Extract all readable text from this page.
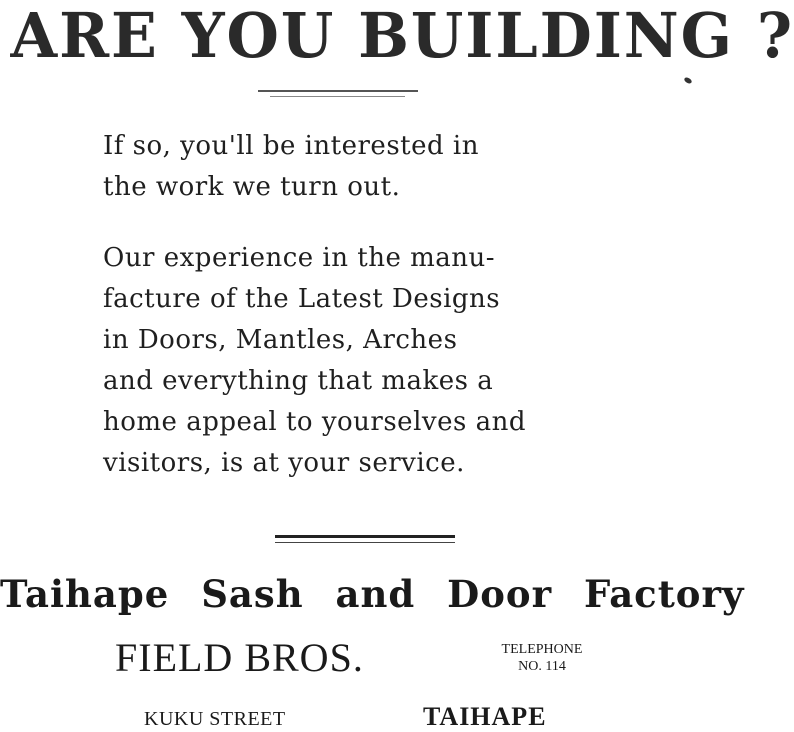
ARE YOU BUILDING ?
If so, you'll be interested in
the work we turn out.
Our experience in the manu-
facture of the Latest Designs
in Doors, Mantles, Arches
and everything that makes a
home appeal to yourselves and
visitors, is at your service.
Taihape Sash and Door Factory
FIELD BROS.	TELEPHONE
NO. 114
KUKU STREET	TAIHAPE
